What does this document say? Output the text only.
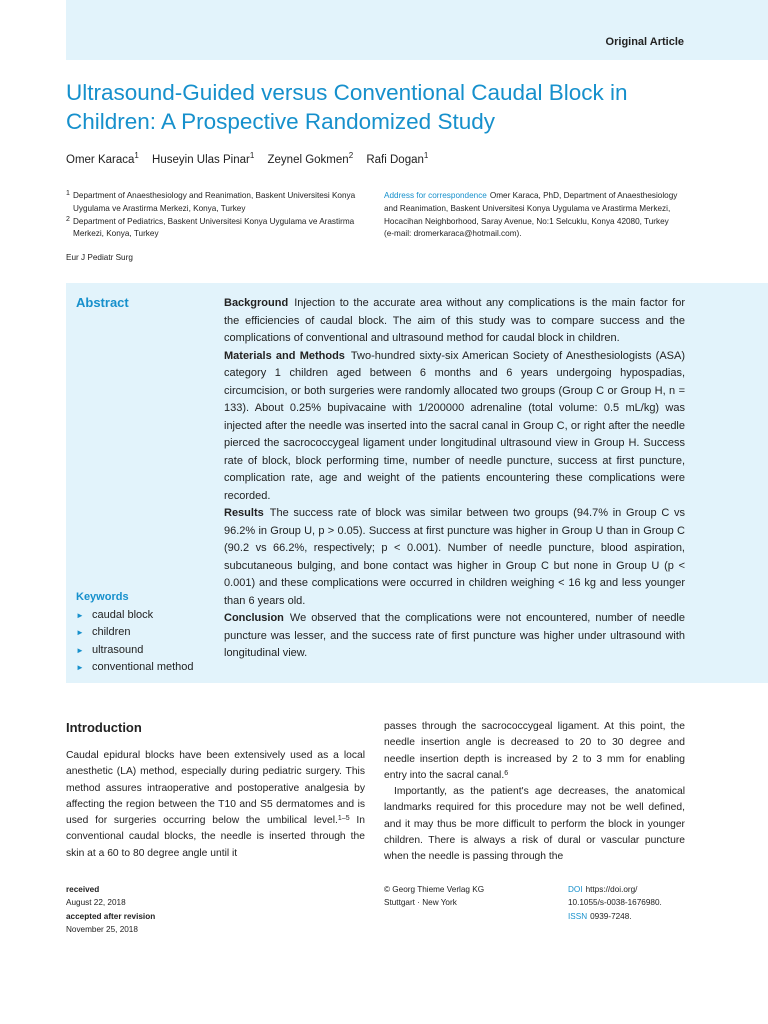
Original Article
Ultrasound-Guided versus Conventional Caudal Block in Children: A Prospective Randomized Study
Omer Karaca$^1$ Huseyin Ulas Pinar$^1$ Zeynel Gokmen$^2$ Rafi Dogan$^1$
1 Department of Anaesthesiology and Reanimation, Baskent Universitesi Konya Uygulama ve Arastirma Merkezi, Konya, Turkey
2 Department of Pediatrics, Baskent Universitesi Konya Uygulama ve Arastirma Merkezi, Konya, Turkey
Eur J Pediatr Surg
Address for correspondence Omer Karaca, PhD, Department of Anaesthesiology and Reanimation, Baskent Universitesi Konya Uygulama ve Arastirma Merkezi, Hocacihan Neighborhood, Saray Avenue, No:1 Selcuklu, Konya 42080, Turkey
(e-mail: dromerkaraca@hotmail.com).
Abstract	Background Injection to the accurate area without any complications is the main factor for the efficiencies of caudal block. The aim of this study was to compare success and the complications of conventional and ultrasound method for caudal block in children.

Materials and Methods Two-hundred sixty-six American Society of Anesthesiologists (ASA) category 1 children aged between 6 months and 6 years undergoing hypospadias, circumcision, or both surgeries were randomly allocated two groups (Group C or Group H, n = 133). About 0.25% bupivacaine with 1/200000 adrenaline (total volume: 0.5 mL/kg) was injected after the needle was inserted into the sacral canal in Group C, or right after the needle pierced the sacrococcygeal ligament under longitudinal ultrasound view in Group H. Success rate of block, block performing time, number of needle puncture, success at first puncture, complication rate, age and weight of the patients encountering these complications were recorded.

Results The success rate of block was similar between two groups (94.7% in Group C vs 96.2% in Group U, p > 0.05). Success at first puncture was higher in Group U than in Group C (90.2 vs 66.2%, respectively; p < 0.001). Number of needle puncture, blood aspiration, subcutaneous bulging, and bone contact was higher in Group C but none in Group U (p < 0.001) and these complications were occurred in children weighing < 16 kg and less younger than 6 years old.

Conclusion We observed that the complications were not encountered, number of needle puncture was lesser, and the success rate of first puncture was higher under ultrasound with longitudinal view.

Keywords
► caudal block
► children
► ultrasound
► conventional method
Introduction

Caudal epidural blocks have been extensively used as a local anesthetic (LA) method, especially during pediatric surgery. This method assures intraoperative and postoperative analgesia by affecting the region between the T10 and S5 dermatomes and is used for surgeries occurring below the umbilical level.$^{1-5}$ In conventional caudal blocks, the needle is inserted through the skin at a 60 to 80 degree angle until it

passes through the sacrococcygeal ligament. At this point, the needle insertion angle is decreased to 20 to 30 degree and needle insertion depth is increased by 2 to 3 mm for enabling entry into the sacral canal.$^6$

Importantly, as the patient's age decreases, the anatomical landmarks required for this procedure may not be well defined, and it may thus be more difficult to perform the block in younger children. There is always a risk of dural or vascular puncture when the needle is passing through the

received
August 22, 2018
accepted after revision
November 25, 2018
© Georg Thieme Verlag KG
Stuttgart · New York
DOI https://doi.org/
10.1055/s-0038-1676980.
ISSN 0939-7248.
